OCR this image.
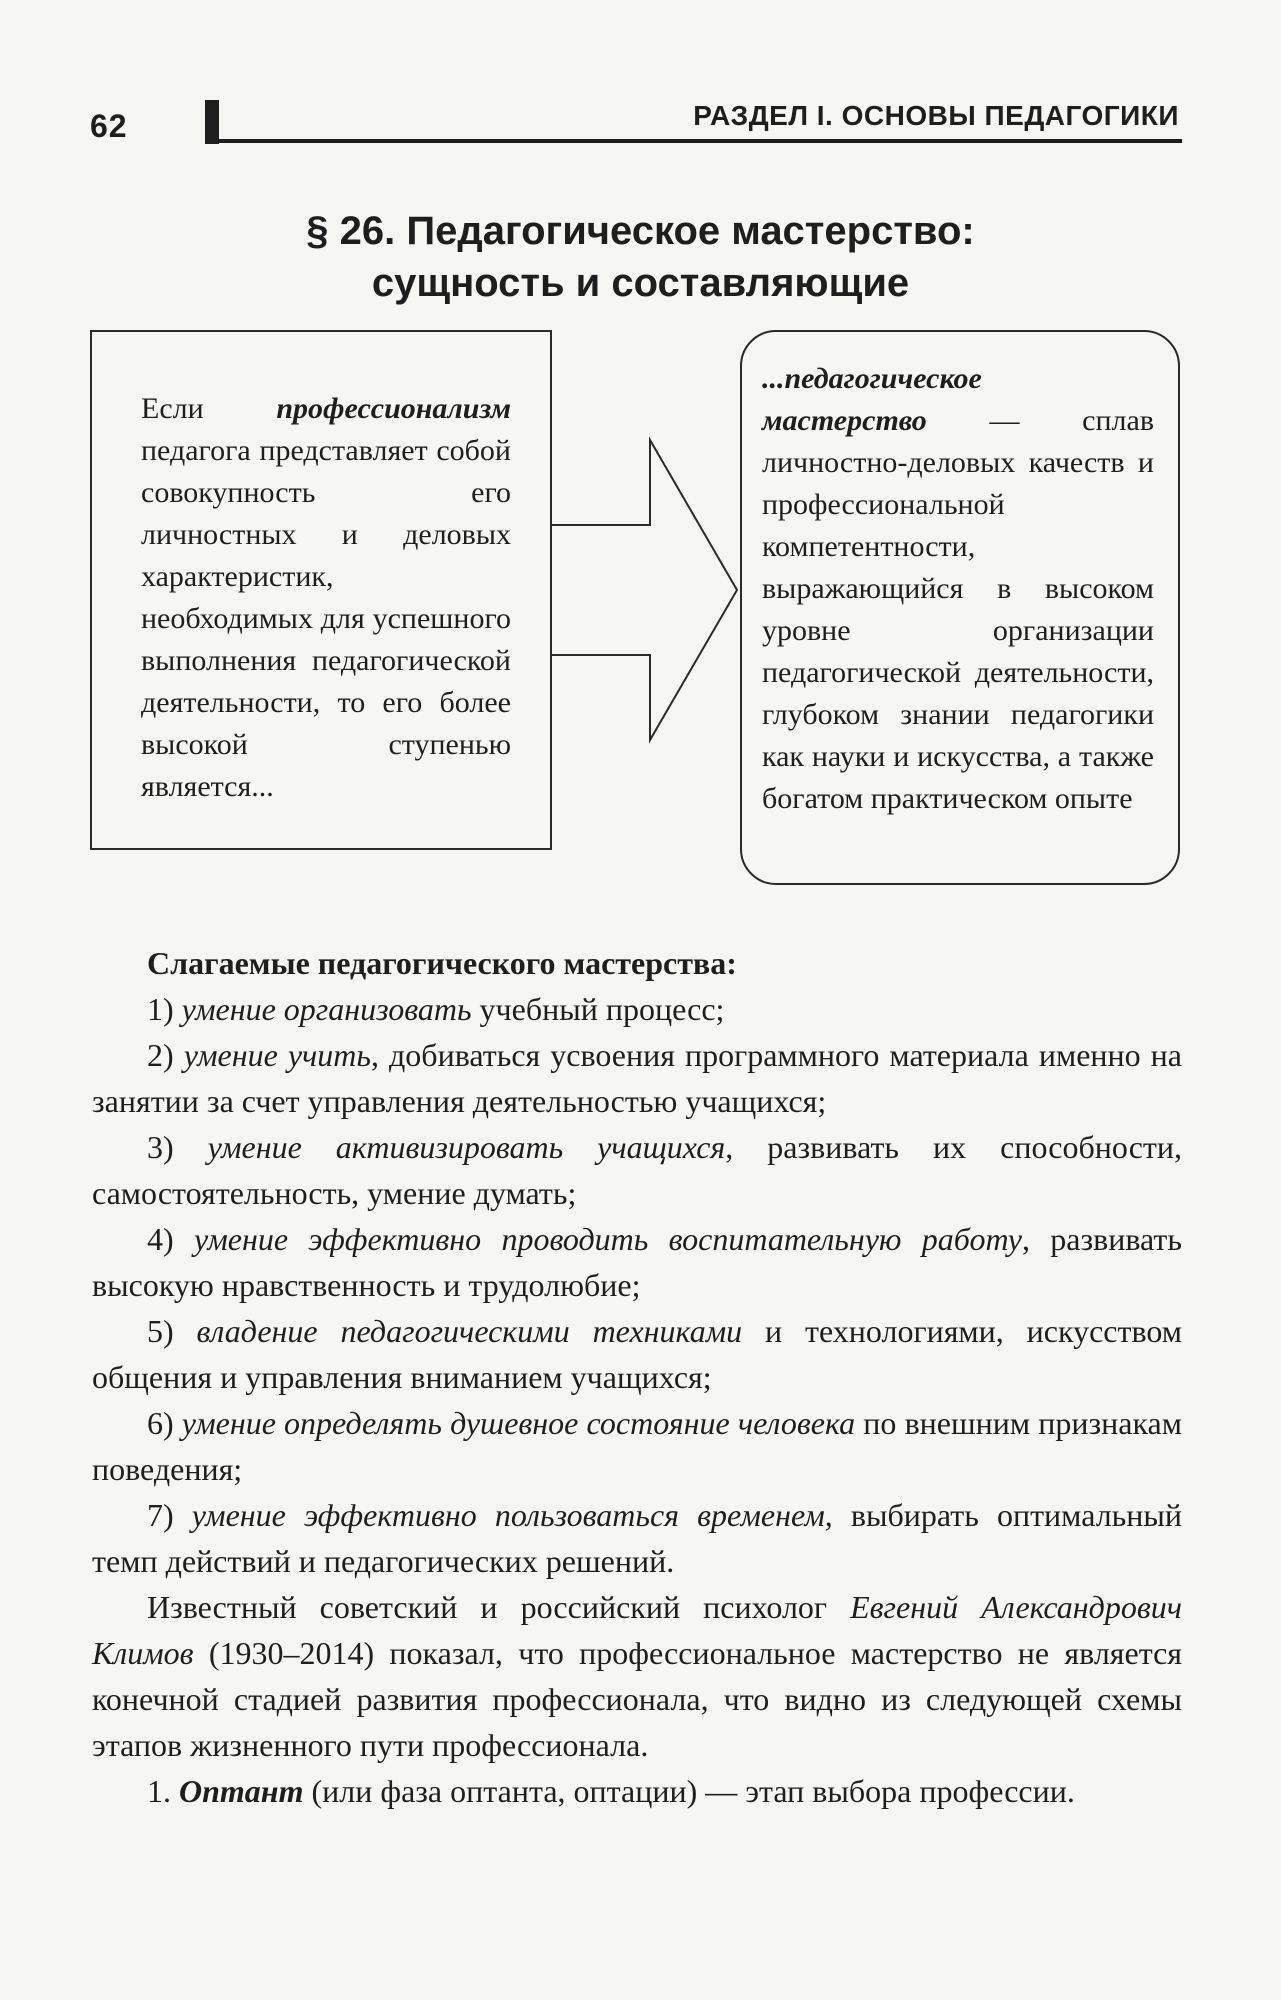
62	РАЗДЕЛ I. ОСНОВЫ ПЕДАГОГИКИ
§ 26. Педагогическое мастерство:
сущность и составляющие
Если профессионализм педагога представляет собой совокупность его личностных и деловых характеристик, необходимых для успешного выполнения педагогической деятельности, то его более высокой ступенью является...
...педагогическое мастерство — сплав личностно-деловых качеств и профессиональной компетентности, выражающийся в высоком уровне организации педагогической деятельности, глубоком знании педагогики как науки и искусства, а также богатом практическом опыте

Слагаемые педагогического мастерства:

1) умение организовать учебный процесс;

2) умение учить, добиваться усвоения программного материала именно на занятии за счет управления деятельностью учащихся;

3) умение активизировать учащихся, развивать их способности, самостоятельность, умение думать;

4) умение эффективно проводить воспитательную работу, развивать высокую нравственность и трудолюбие;

5) владение педагогическими техниками и технологиями, искусством общения и управления вниманием учащихся;

6) умение определять душевное состояние человека по внешним признакам поведения;

7) умение эффективно пользоваться временем, выбирать оптимальный темп действий и педагогических решений.

Известный советский и российский психолог Евгений Александрович Климов (1930–2014) показал, что профессиональное мастерство не является конечной стадией развития профессионала, что видно из следующей схемы этапов жизненного пути профессионала.

1. Оптант (или фаза оптанта, оптации) — этап выбора профессии.
